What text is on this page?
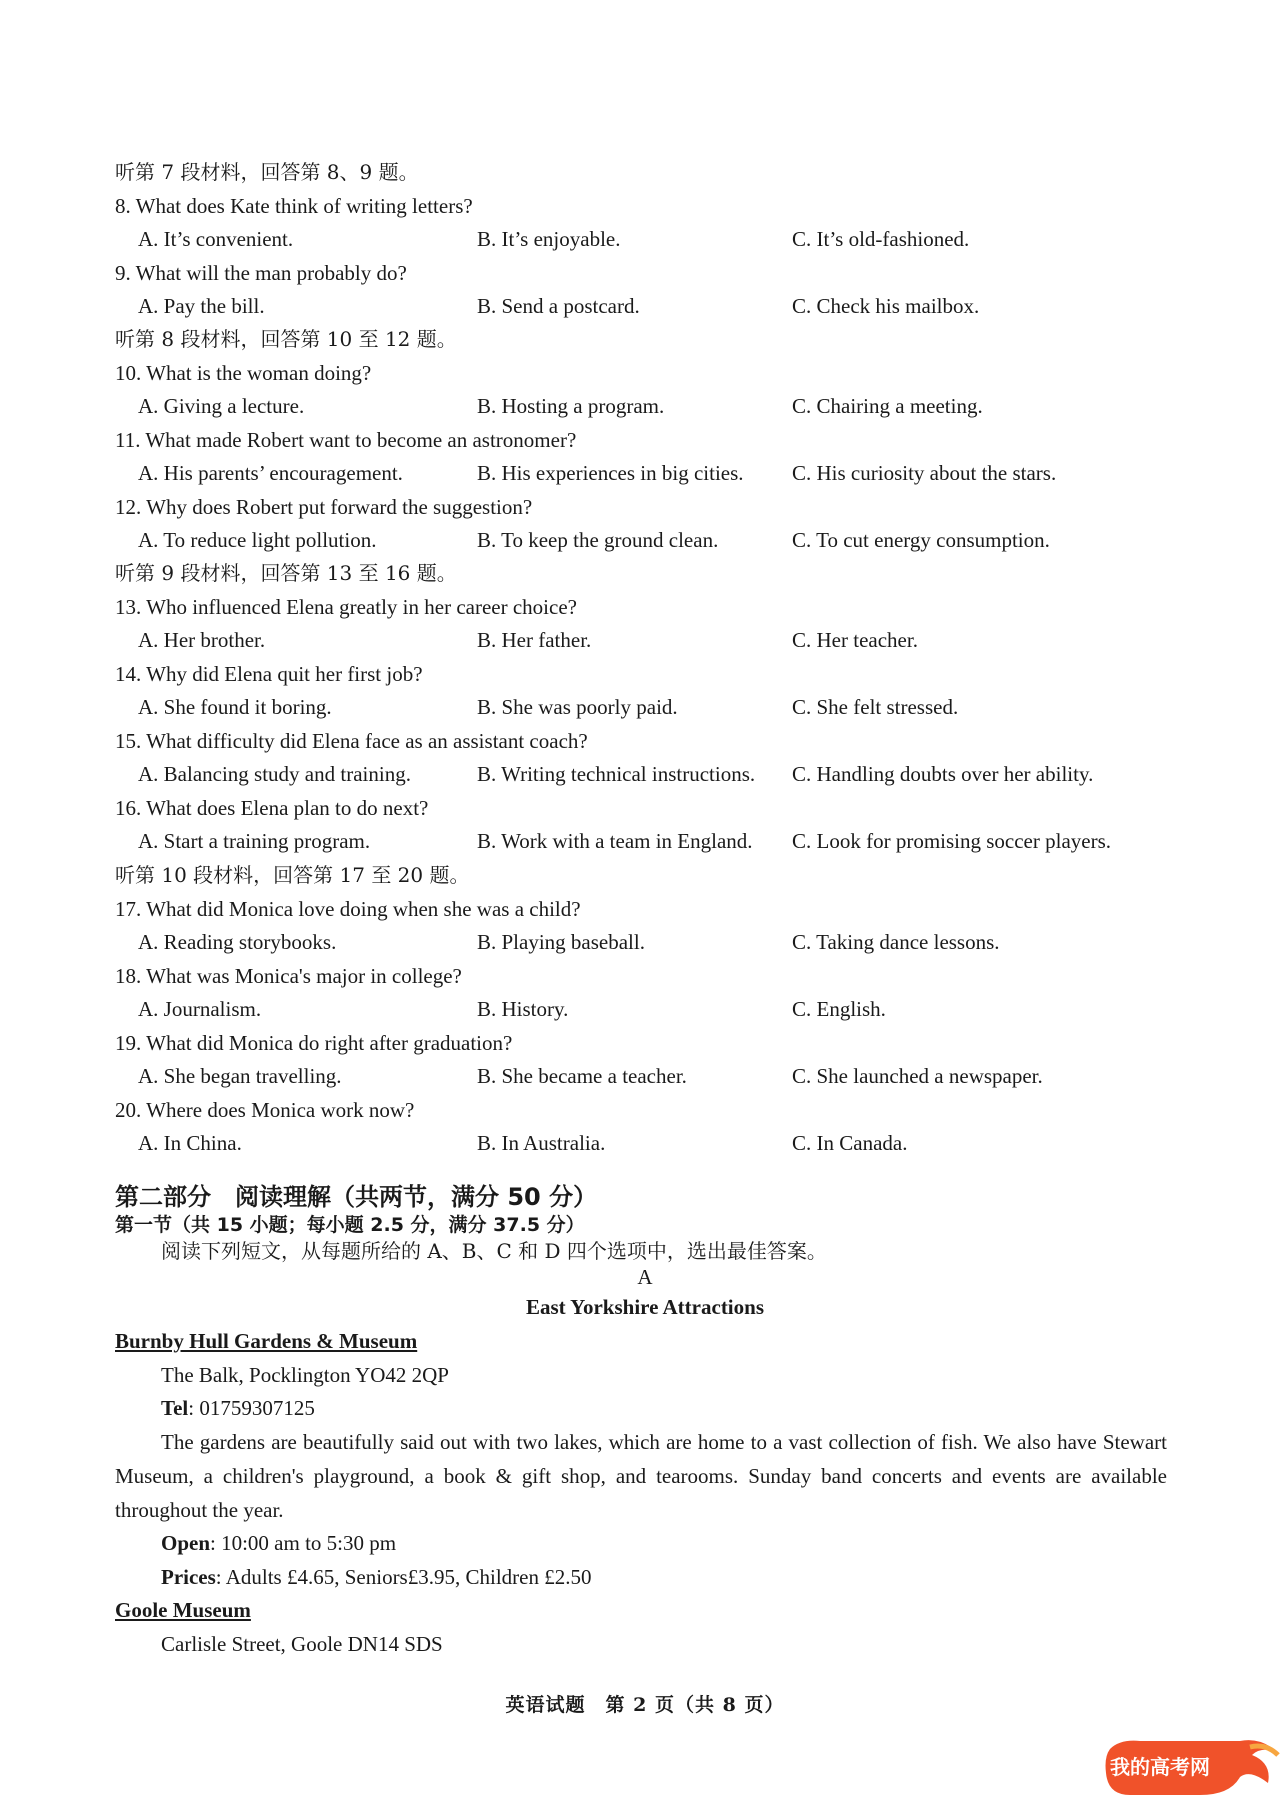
听第 7 段材料，回答第 8、9 题。
8. What does Kate think of writing letters?
A. It’s convenient.	B. It’s enjoyable.	C. It’s old-fashioned.
9. What will the man probably do?
A. Pay the bill.	B. Send a postcard.	C. Check his mailbox.
听第 8 段材料，回答第 10 至 12 题。
10. What is the woman doing?
A. Giving a lecture.	B. Hosting a program.	C. Chairing a meeting.
11. What made Robert want to become an astronomer?
A. His parents’ encouragement.	B. His experiences in big cities. C. His curiosity about the stars.
12. Why does Robert put forward the suggestion?
A. To reduce light pollution.	B. To keep the ground clean.	C. To cut energy consumption.
听第 9 段材料，回答第 13 至 16 题。
13. Who influenced Elena greatly in her career choice?
A. Her brother.	B. Her father.	C. Her teacher.
14. Why did Elena quit her first job?
A. She found it boring.	B. She was poorly paid.	C. She felt stressed.
15. What difficulty did Elena face as an assistant coach?
A. Balancing study and training.	B. Writing technical instructions. C. Handling doubts over her ability.
16. What does Elena plan to do next?
A. Start a training program.	B. Work with a team in England. C. Look for promising soccer players.
听第 10 段材料，回答第 17 至 20 题。
17. What did Monica love doing when she was a child?
A. Reading storybooks.	B. Playing baseball.	C. Taking dance lessons.
18. What was Monica's major in college?
A. Journalism.	B. History.	C. English.
19. What did Monica do right after graduation?
A. She began travelling.	B. She became a teacher.	C. She launched a newspaper.
20. Where does Monica work now?
A. In China.	B. In Australia.	C. In Canada.
第二部分　阅读理解（共两节，满分 50 分）
第一节（共 15 小题；每小题 2.5 分，满分 37.5 分）
阅读下列短文，从每题所给的 A、B、C 和 D 四个选项中，选出最佳答案。
A
East Yorkshire Attractions
Burnby Hull Gardens & Museum
The Balk, Pocklington YO42 2QP
Tel: 01759307125
The gardens are beautifully said out with two lakes, which are home to a vast collection of fish. We also have Stewart Museum, a children's playground, a book & gift shop, and tearooms. Sunday band concerts and events are available throughout the year.
Open: 10:00 am to 5:30 pm
Prices: Adults £4.65, Seniors£3.95, Children £2.50
Goole Museum
Carlisle Street, Goole DN14 SDS
英语试题　第 2 页（共 8 页）
我的高考网
